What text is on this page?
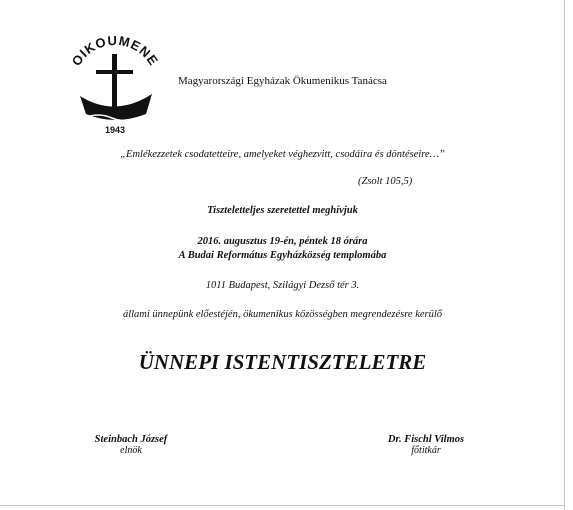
OIKOUMENE
1943
Magyarországi Egyházak Ökumenikus Tanácsa
„Emlékezzetek csodatetteire, amelyeket véghezvitt, csodáira és döntéseire…”
(Zsolt 105,5)
Tiszteletteljes szeretettel meghívjuk
2016. augusztus 19-én, péntek 18 órára
A Budai Református Egyházközség templomába
1011 Budapest, Szilágyi Dezső tér 3.
állami ünnepünk előestéjén, ökumenikus közösségben megrendezésre kerülő
ÜNNEPI ISTENTISZTELETRE
Steinbach József
elnök
Dr. Fischl Vilmos
főtitkár
